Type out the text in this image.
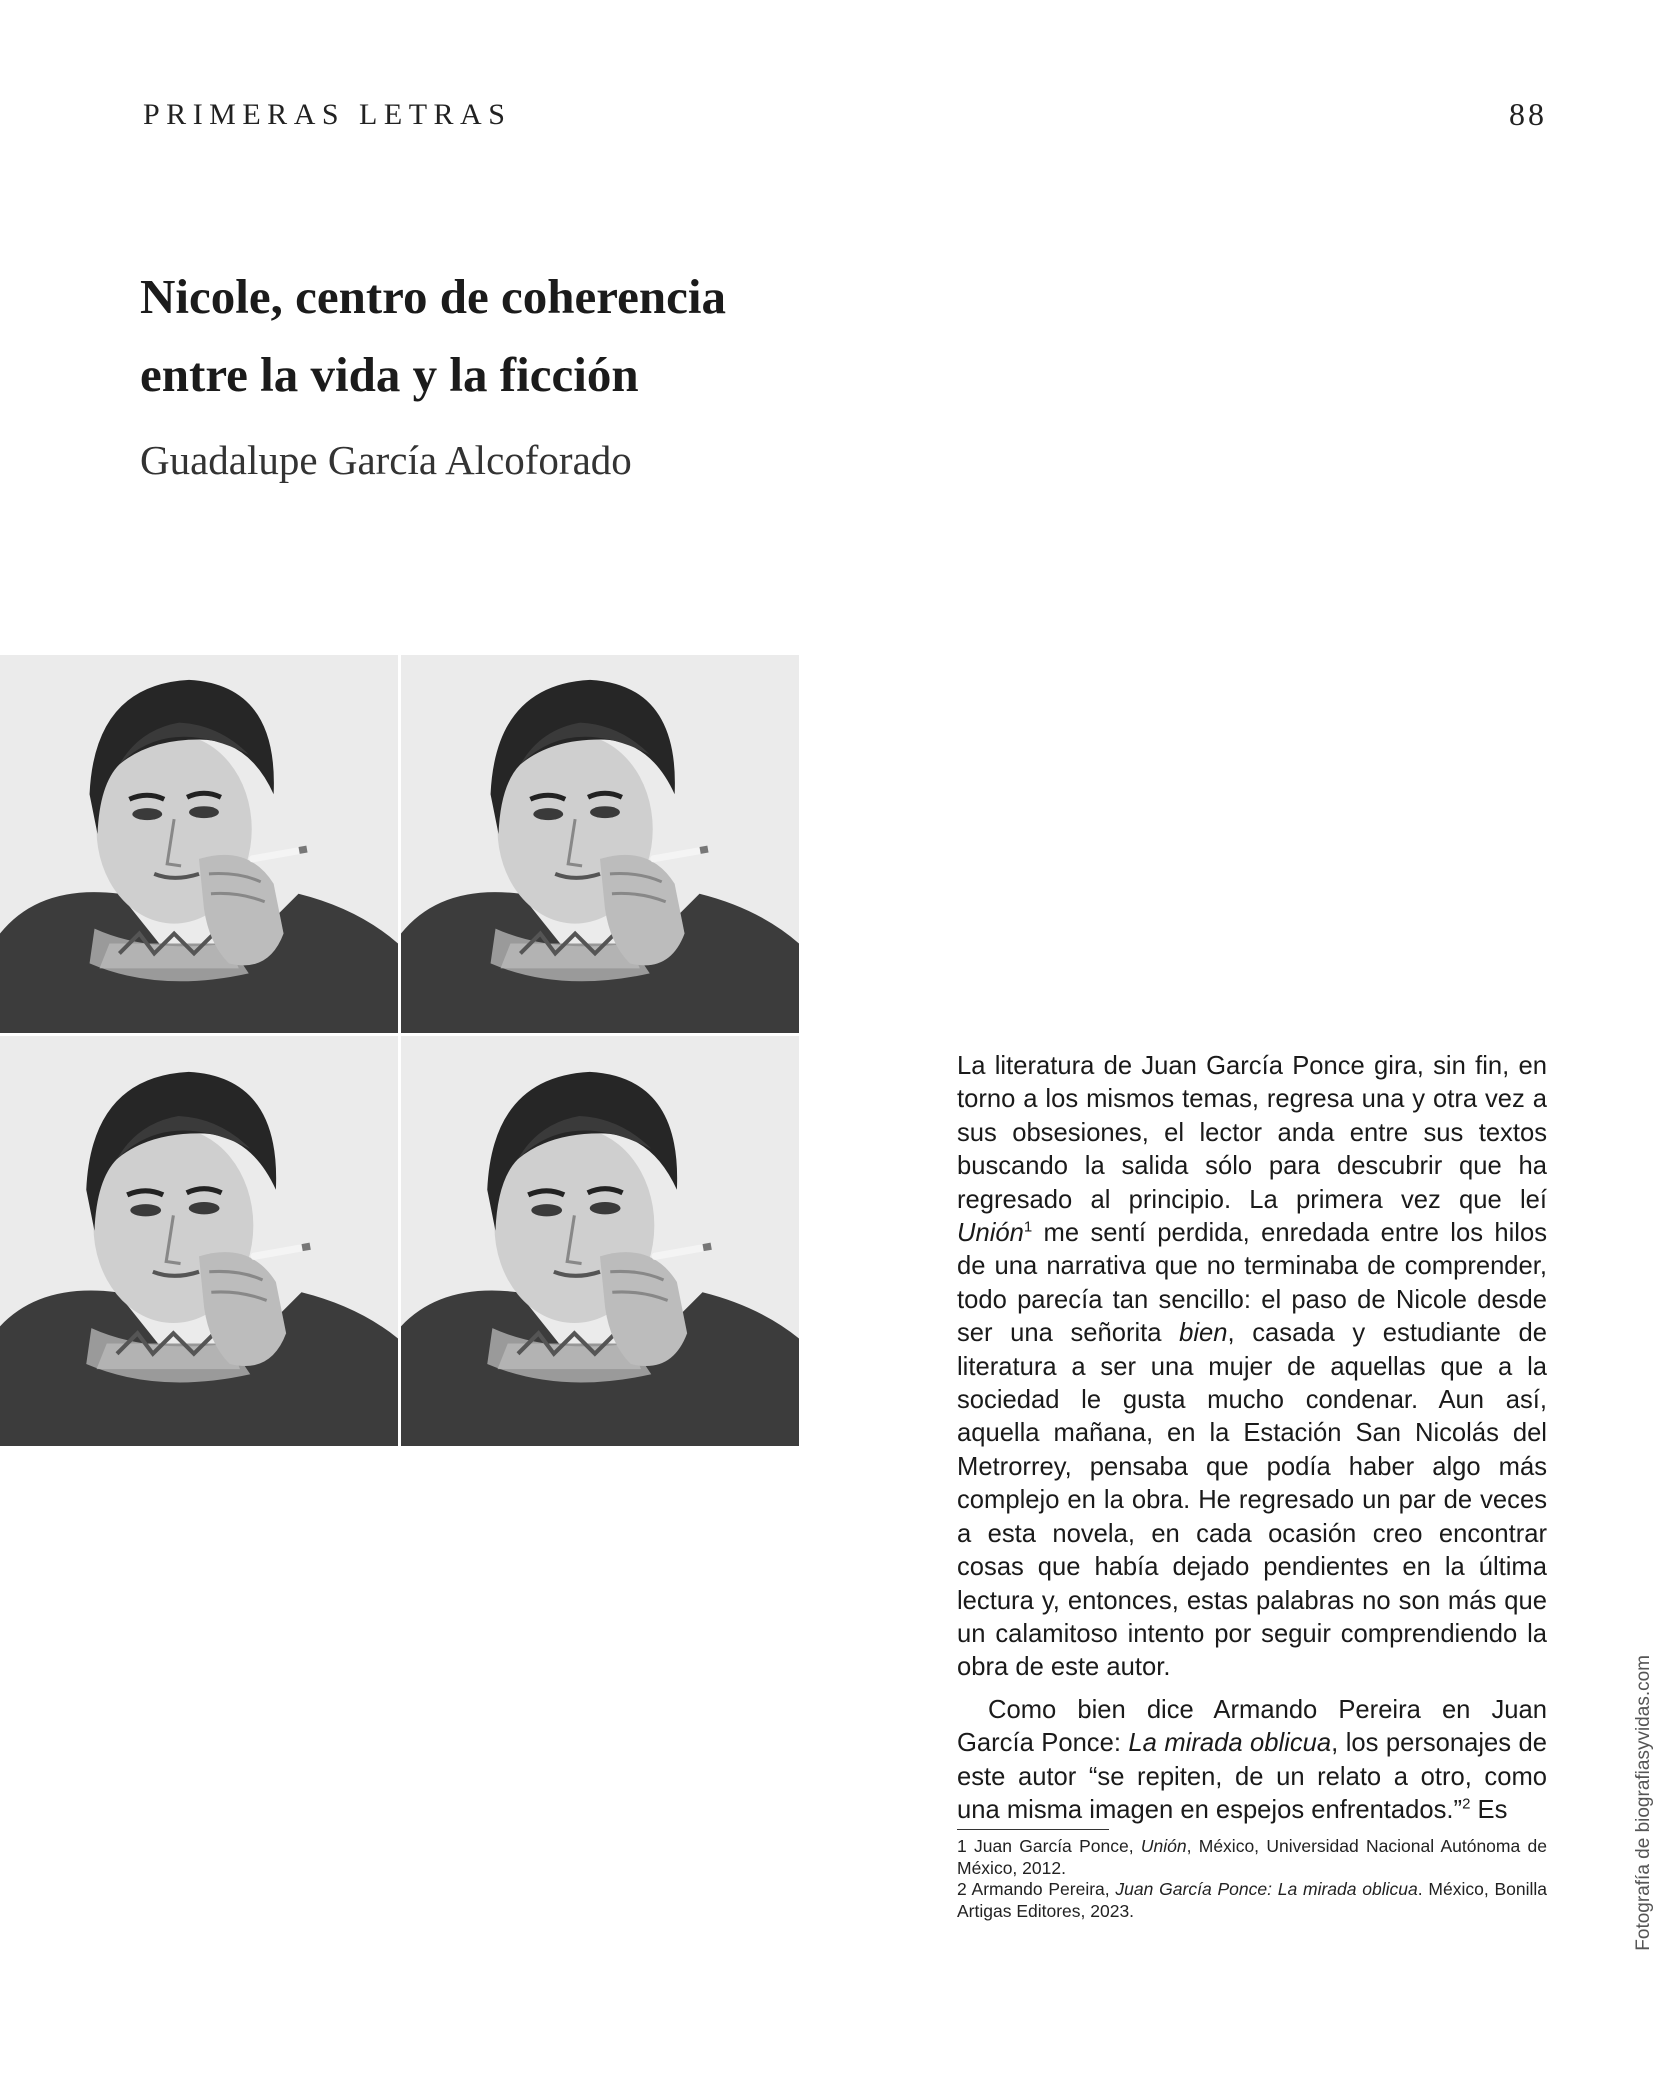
PRIMERAS LETRAS	88
Nicole, centro de coherencia
entre la vida y la ficción
Guadalupe García Alcoforado

La literatura de Juan García Ponce gira, sin fin, en torno a los mismos temas, regresa una y otra vez a sus obsesiones, el lector anda entre sus textos buscando la salida sólo para descubrir que ha regresado al principio. La primera vez que leí Unión$^1$ me sentí perdida, enredada entre los hilos de una narrativa que no terminaba de comprender, todo parecía tan sencillo: el paso de Nicole desde ser una señorita bien, casada y estudiante de literatura a ser una mujer de aquellas que a la sociedad le gusta mucho condenar. Aun así, aquella mañana, en la Estación San Nicolás del Metrorrey, pensaba que podía haber algo más complejo en la obra. He regresado un par de veces a esta novela, en cada ocasión creo encontrar cosas que había dejado pendientes en la última lectura y, entonces, estas palabras no son más que un calamitoso intento por seguir comprendiendo la obra de este autor.

Como bien dice Armando Pereira en Juan García Ponce: La mirada oblicua, los personajes de este autor “se repiten, de un relato a otro, como una misma imagen en espejos enfrentados.”$^2$ Es

1 Juan García Ponce, Unión, México, Universidad Nacional Autónoma de México, 2012.

2 Armando Pereira, Juan García Ponce: La mirada oblicua. México, Bonilla Artigas Editores, 2023.	Fotografía de biografiasyvidas.com
